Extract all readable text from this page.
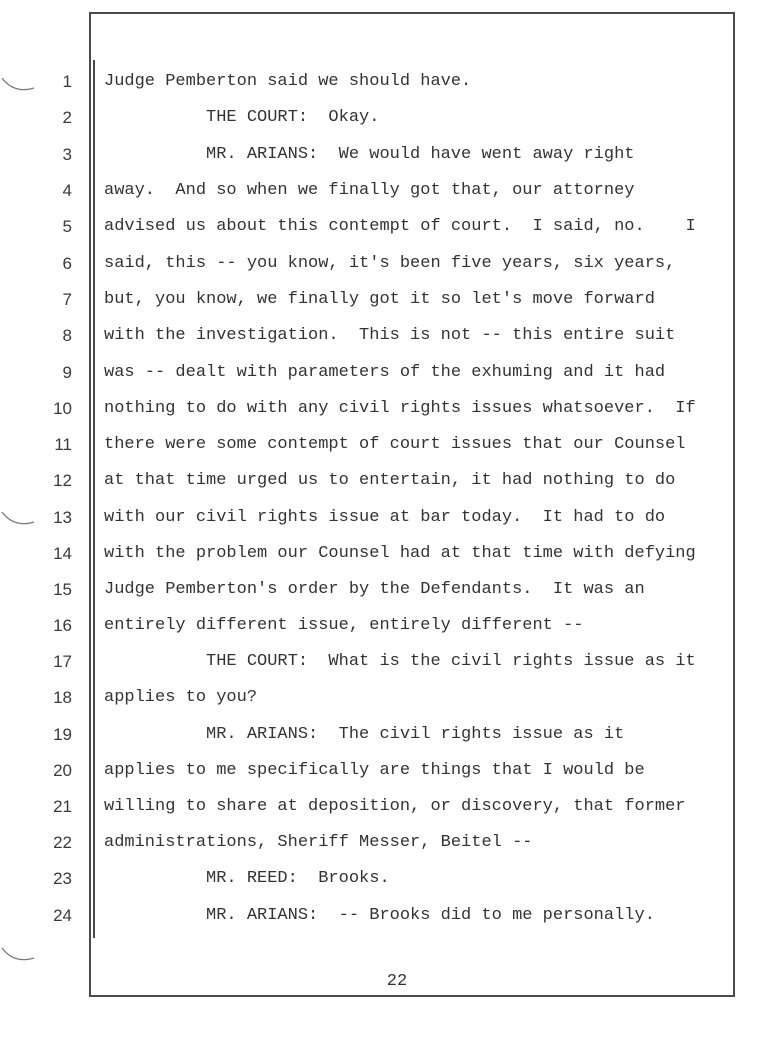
1 Judge Pemberton said we should have.
2 THE COURT:  Okay.
3 MR. ARIANS:  We would have went away right
4 away.  And so when we finally got that, our attorney
5 advised us about this contempt of court.  I said, no.    I
6 said, this -- you know, it's been five years, six years,
7 but, you know, we finally got it so let's move forward
8 with the investigation.  This is not -- this entire suit
9 was -- dealt with parameters of the exhuming and it had
10 nothing to do with any civil rights issues whatsoever.  If
11 there were some contempt of court issues that our Counsel
12 at that time urged us to entertain, it had nothing to do
13 with our civil rights issue at bar today.  It had to do
14 with the problem our Counsel had at that time with defying
15 Judge Pemberton's order by the Defendants.  It was an
16 entirely different issue, entirely different --
17 THE COURT:  What is the civil rights issue as it
18 applies to you?
19 MR. ARIANS:  The civil rights issue as it
20 applies to me specifically are things that I would be
21 willing to share at deposition, or discovery, that former
22 administrations, Sheriff Messer, Beitel --
23 MR. REED:  Brooks.
24 MR. ARIANS:  -- Brooks did to me personally.
22
